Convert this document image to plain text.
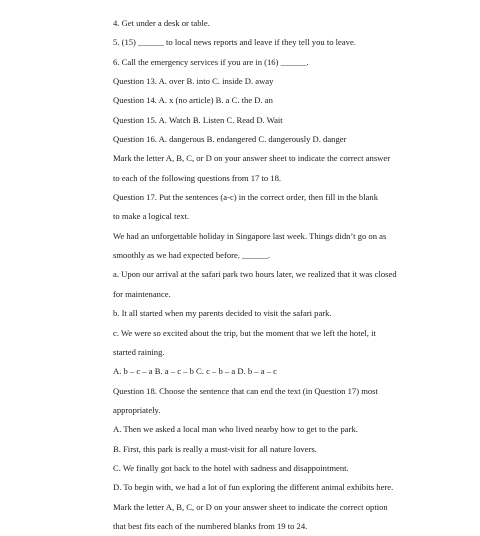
4. Get under a desk or table.
5. (15) ______ to local news reports and leave if they tell you to leave.
6. Call the emergency services if you are in (16) ______.
Question 13. A. over B. into C. inside D. away
Question 14. A. x (no article) B. a C. the D. an
Question 15. A. Watch B. Listen C. Read D. Wait
Question 16. A. dangerous B. endangered C. dangerously D. danger
Mark the letter A, B, C, or D on your answer sheet to indicate the correct answer
to each of the following questions from 17 to 18.
Question 17. Put the sentences (a-c) in the correct order, then fill in the blank
to make a logical text.
We had an unforgettable holiday in Singapore last week. Things didn’t go on as
smoothly as we had expected before. ______.
a. Upon our arrival at the safari park two hours later, we realized that it was closed
for maintenance.
b. It all started when my parents decided to visit the safari park.
c. We were so excited about the trip, but the moment that we left the hotel, it
started raining.
A. b – c – a B. a – c – b C. c – b – a D. b – a – c
Question 18. Choose the sentence that can end the text (in Question 17) most
appropriately.
A. Then we asked a local man who lived nearby how to get to the park.
B. First, this park is really a must-visit for all nature lovers.
C. We finally got back to the hotel with sadness and disappointment.
D. To begin with, we had a lot of fun exploring the different animal exhibits here.
Mark the letter A, B, C, or D on your answer sheet to indicate the correct option
that best fits each of the numbered blanks from 19 to 24.
